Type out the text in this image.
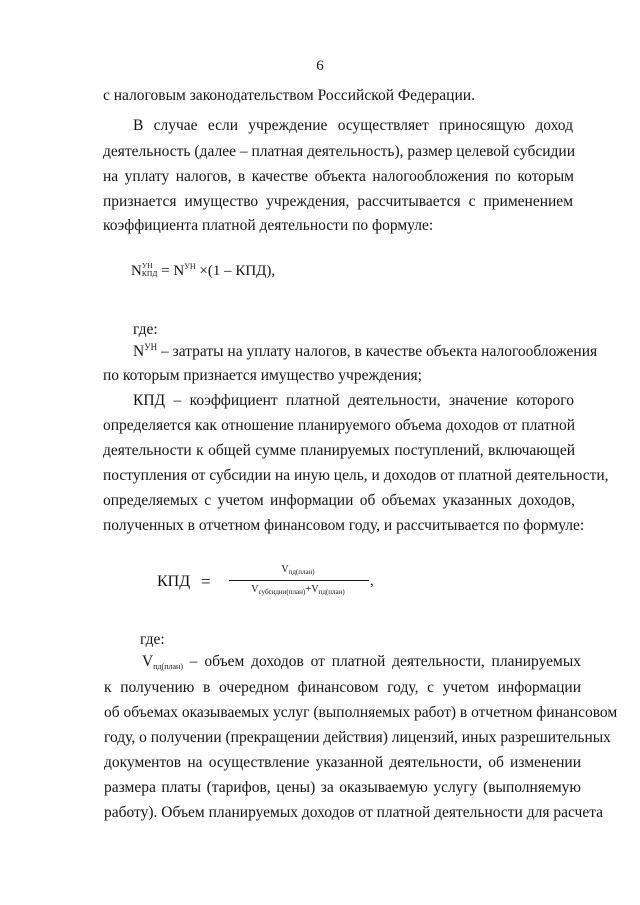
6
с налоговым законодательством Российской Федерации.
В случае если учреждение осуществляет приносящую доход
деятельность (далее – платная деятельность), размер целевой субсидии
на уплату налогов, в качестве объекта налогообложения по которым
признается имущество учреждения, рассчитывается с применением
коэффициента платной деятельности по формуле:
N УН
КПД = $N^{УН} \times(1 - КПД)$,
где:
$N^{УН}$ – затраты на уплату налогов, в качестве объекта налогообложения
по которым признается имущество учреждения;
КПД – коэффициент платной деятельности, значение которого
определяется как отношение планируемого объема доходов от платной
деятельности к общей сумме планируемых поступлений, включающей
поступления от субсидии на иную цель, и доходов от платной деятельности,
определяемых с учетом информации об объемах указанных доходов,
полученных в отчетном финансовом году, и рассчитывается по формуле:
КПД =
$V_{пд(план)}$
$V_{субсидии(план)}+V_{пд(план)}$
,
где:
Vпд(план) – объем доходов от платной деятельности, планируемых
к получению в очередном финансовом году, с учетом информации
об объемах оказываемых услуг (выполняемых работ) в отчетном финансовом
году, о получении (прекращении действия) лицензий, иных разрешительных
документов на осуществление указанной деятельности, об изменении
размера платы (тарифов, цены) за оказываемую услугу (выполняемую
работу). Объем планируемых доходов от платной деятельности для расчета
